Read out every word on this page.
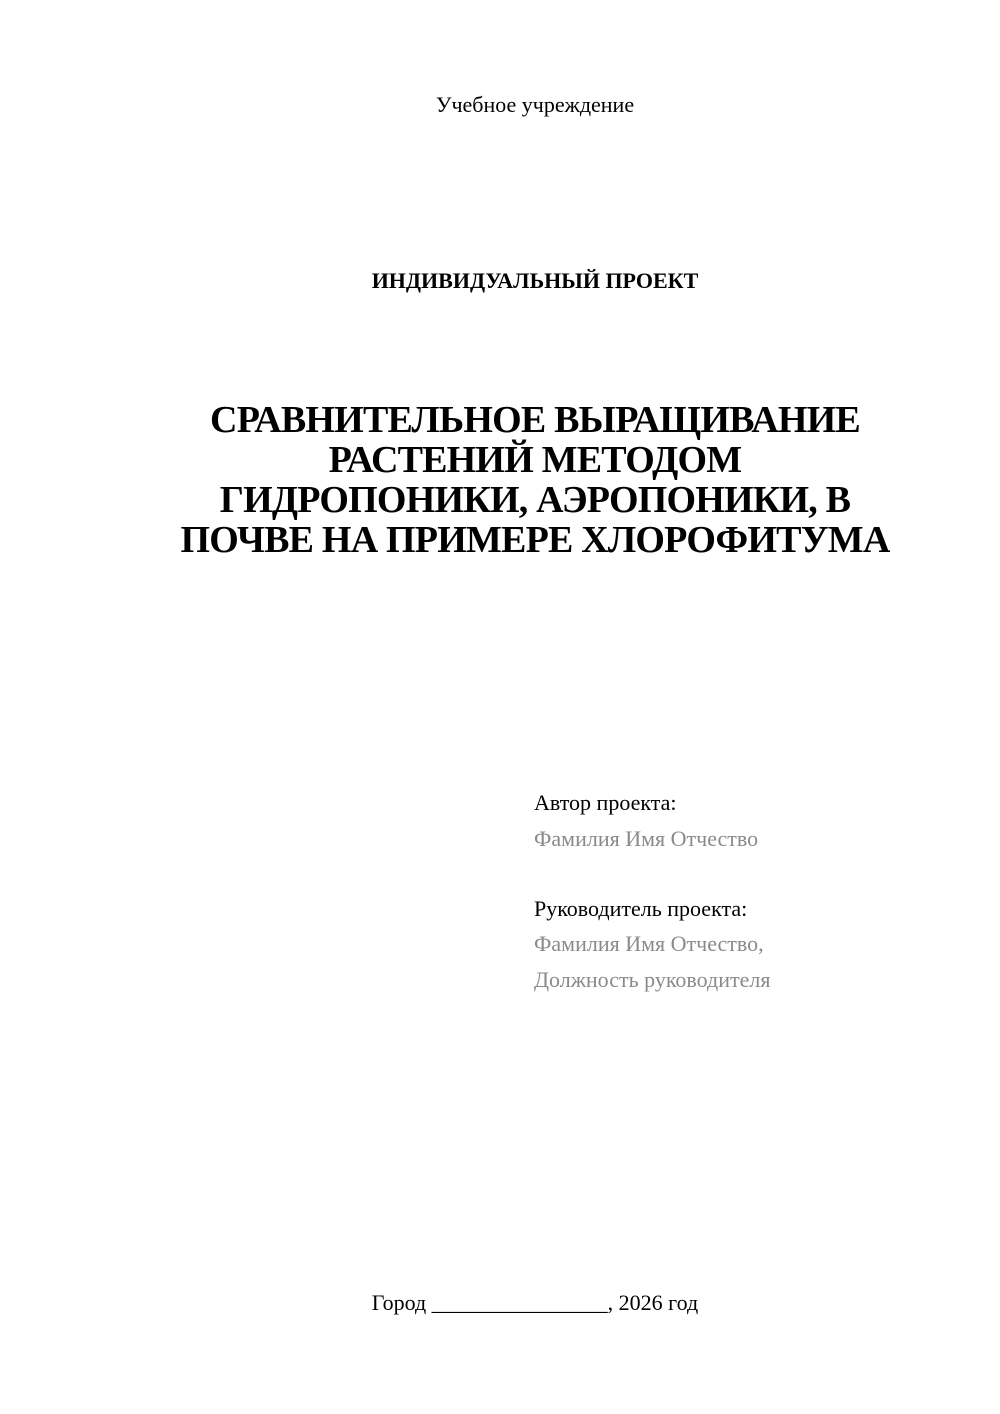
Учебное учреждение
ИНДИВИДУАЛЬНЫЙ ПРОЕКТ
СРАВНИТЕЛЬНОЕ ВЫРАЩИВАНИЕ
РАСТЕНИЙ МЕТОДОМ
ГИДРОПОНИКИ, АЭРОПОНИКИ, В
ПОЧВЕ НА ПРИМЕРЕ ХЛОРОФИТУМА
Автор проекта:
Фамилия Имя Отчество
Руководитель проекта:
Фамилия Имя Отчество,
Должность руководителя
Город ________________, 2026 год
